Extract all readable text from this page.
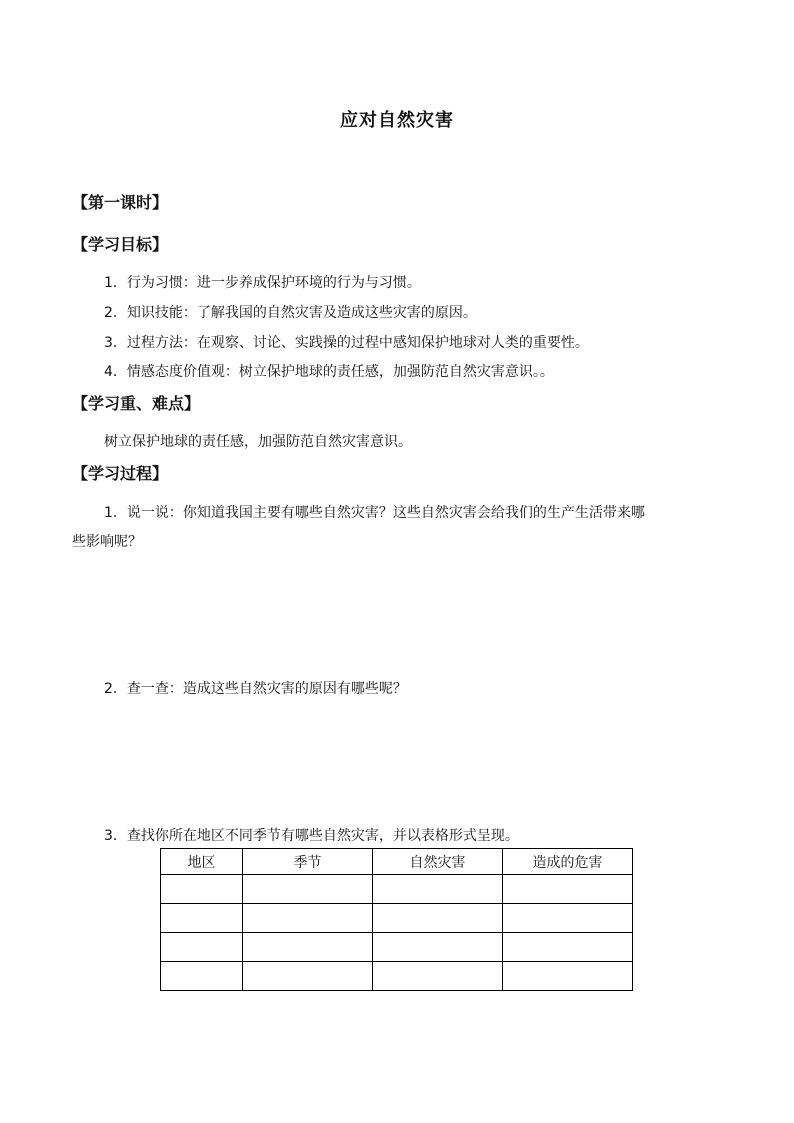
应对自然灾害
【第一课时】
【学习目标】
1．行为习惯：进一步养成保护环境的行为与习惯。
2．知识技能：了解我国的自然灾害及造成这些灾害的原因。
3．过程方法：在观察、讨论、实践操的过程中感知保护地球对人类的重要性。
4．情感态度价值观：树立保护地球的责任感，加强防范自然灾害意识。。
【学习重、难点】
树立保护地球的责任感，加强防范自然灾害意识。
【学习过程】
1．说一说：你知道我国主要有哪些自然灾害？这些自然灾害会给我们的生产生活带来哪
些影响呢？
2．查一查：造成这些自然灾害的原因有哪些呢？
3．查找你所在地区不同季节有哪些自然灾害，并以表格形式呈现。
地区	季节	自然灾害	造成的危害
